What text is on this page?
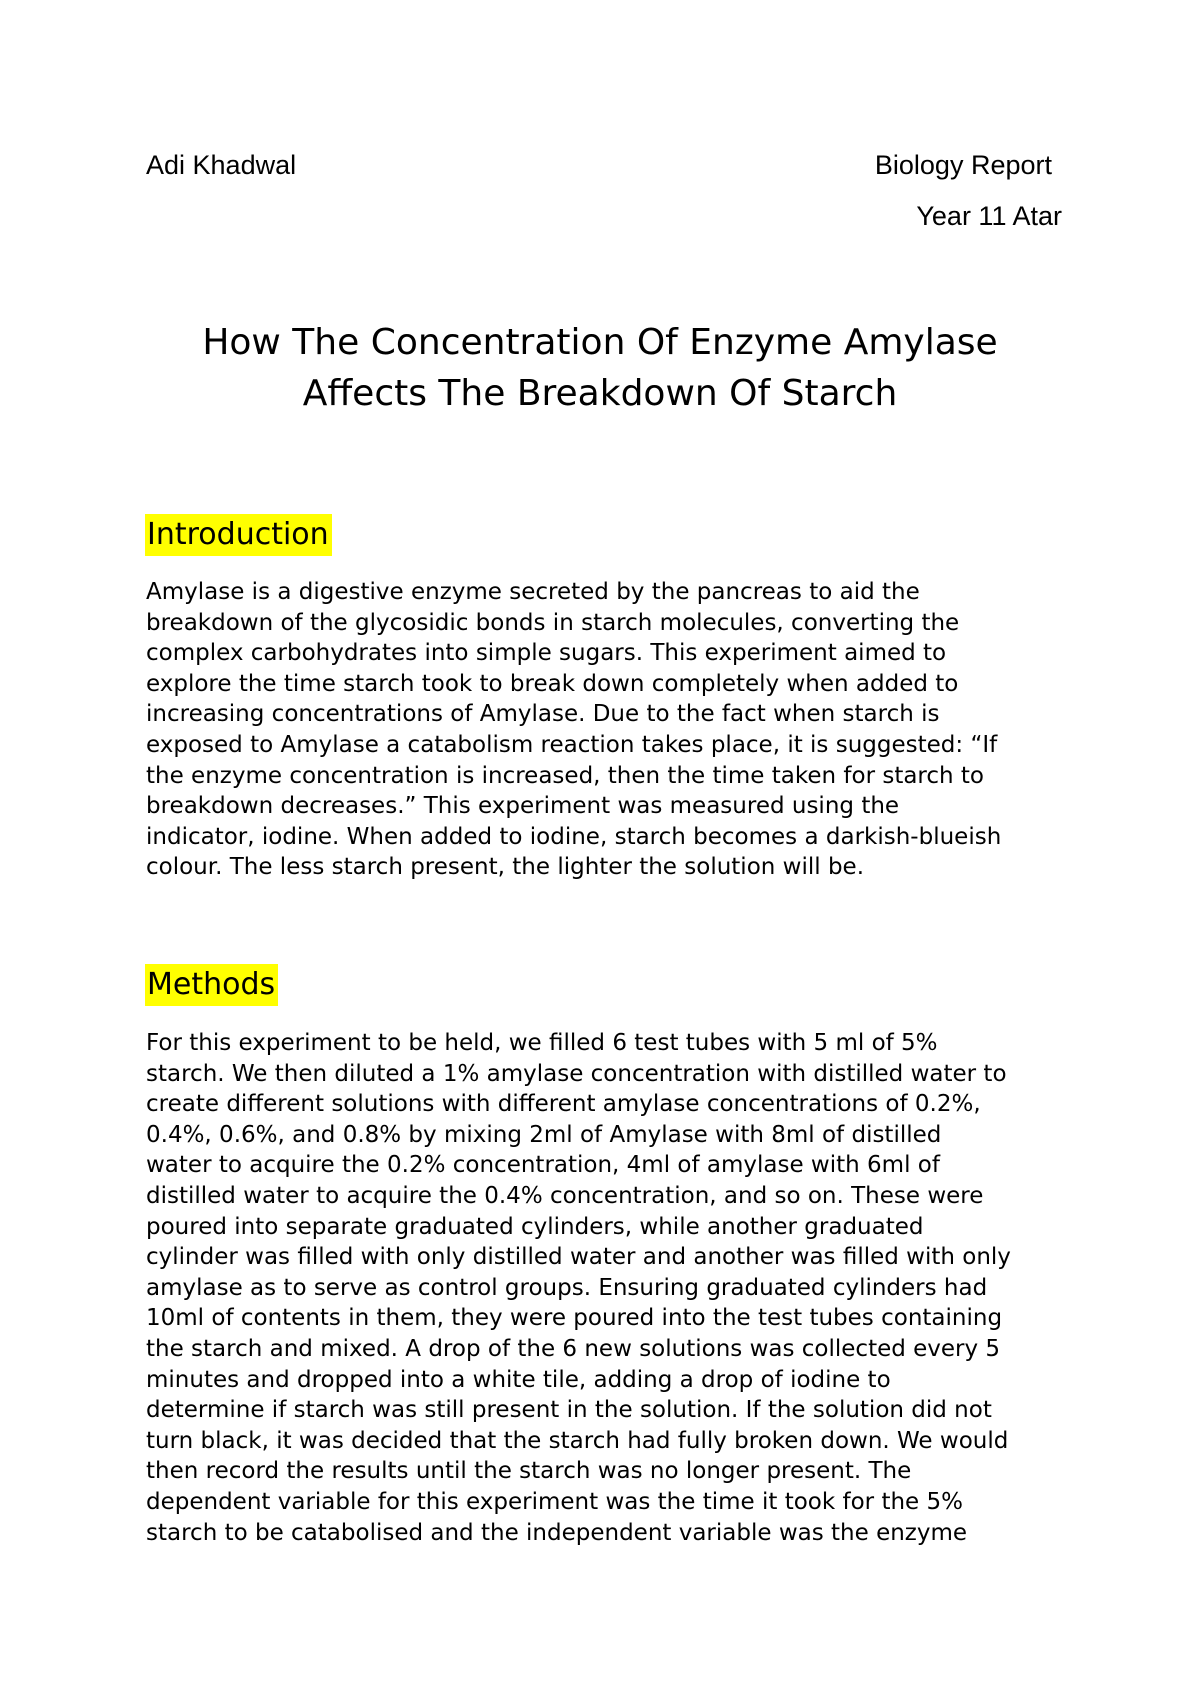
Adi Khadwal	Biology Report
Year 11 Atar
How The Concentration Of Enzyme Amylase
Affects The Breakdown Of Starch
Introduction
Amylase is a digestive enzyme secreted by the pancreas to aid the
breakdown of the glycosidic bonds in starch molecules, converting the
complex carbohydrates into simple sugars. This experiment aimed to
explore the time starch took to break down completely when added to
increasing concentrations of Amylase. Due to the fact when starch is
exposed to Amylase a catabolism reaction takes place, it is suggested: “If
the enzyme concentration is increased, then the time taken for starch to
breakdown decreases.” This experiment was measured using the
indicator, iodine. When added to iodine, starch becomes a darkish-blueish
colour. The less starch present, the lighter the solution will be.
Methods
For this experiment to be held, we filled 6 test tubes with 5 ml of 5%
starch. We then diluted a 1% amylase concentration with distilled water to
create different solutions with different amylase concentrations of 0.2%,
0.4%, 0.6%, and 0.8% by mixing 2ml of Amylase with 8ml of distilled
water to acquire the 0.2% concentration, 4ml of amylase with 6ml of
distilled water to acquire the 0.4% concentration, and so on. These were
poured into separate graduated cylinders, while another graduated
cylinder was filled with only distilled water and another was filled with only
amylase as to serve as control groups. Ensuring graduated cylinders had
10ml of contents in them, they were poured into the test tubes containing
the starch and mixed. A drop of the 6 new solutions was collected every 5
minutes and dropped into a white tile, adding a drop of iodine to
determine if starch was still present in the solution. If the solution did not
turn black, it was decided that the starch had fully broken down. We would
then record the results until the starch was no longer present. The
dependent variable for this experiment was the time it took for the 5%
starch to be catabolised and the independent variable was the enzyme
